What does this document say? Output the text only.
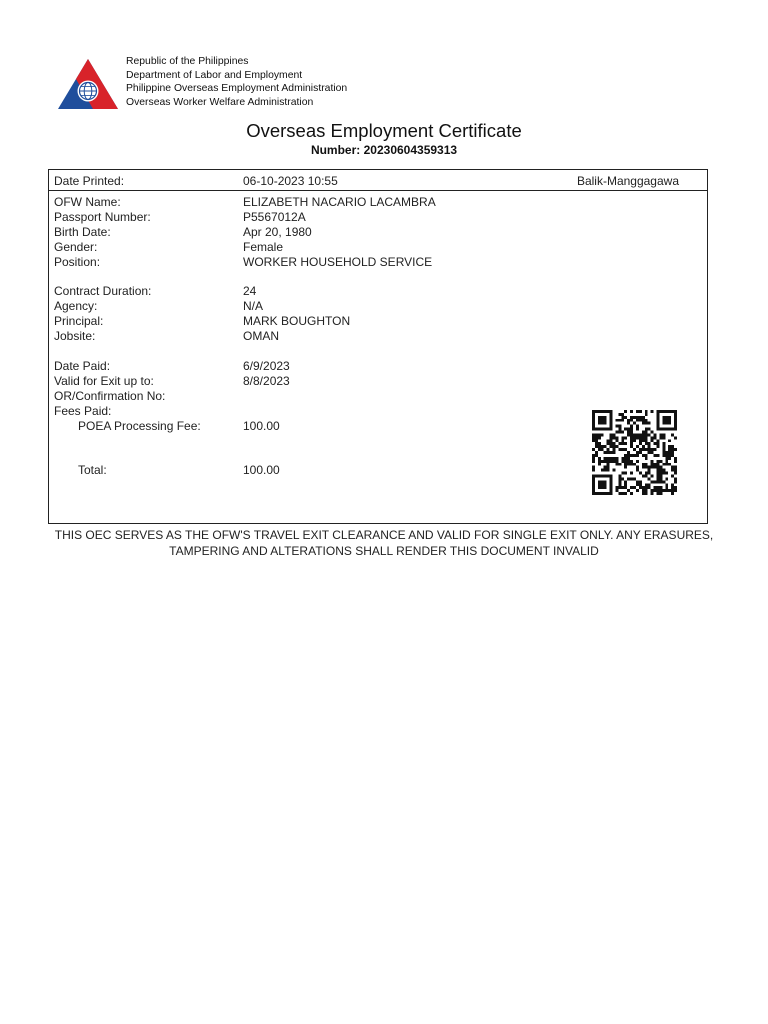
Republic of the Philippines
Department of Labor and Employment
Philippine Overseas Employment Administration
Overseas Worker Welfare Administration
Overseas Employment Certificate
Number: 20230604359313
Date Printed:	06-10-2023 10:55	Balik-Manggagawa
OFW Name:	ELIZABETH NACARIO LACAMBRA
Passport Number:	P5567012A
Birth Date:	Apr 20, 1980
Gender:	Female
Position:	WORKER HOUSEHOLD SERVICE
Contract Duration:	24
Agency:	N/A
Principal:	MARK BOUGHTON
Jobsite:	OMAN
Date Paid:	6/9/2023
Valid for Exit up to:	8/8/2023
OR/Confirmation No:
Fees Paid:
POEA Processing Fee:	100.00
Total:	100.00
THIS OEC SERVES AS THE OFW'S TRAVEL EXIT CLEARANCE AND VALID FOR SINGLE EXIT ONLY. ANY ERASURES,
TAMPERING AND ALTERATIONS SHALL RENDER THIS DOCUMENT INVALID
